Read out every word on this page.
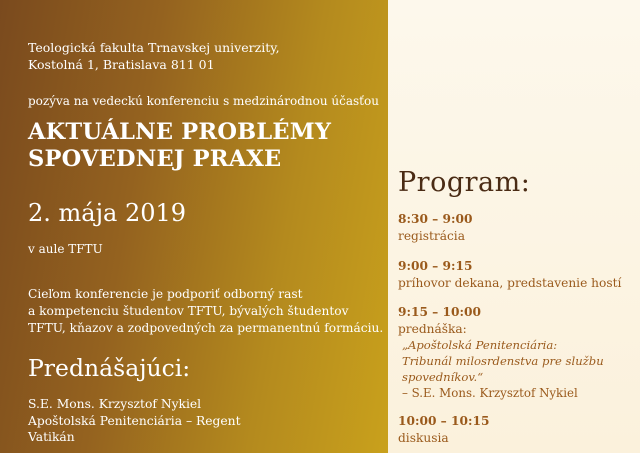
Teologická fakulta Trnavskej univerzity,
Kostolná 1, Bratislava 811 01
pozýva na vedeckú konferenciu s medzinárodnou účasťou
AKTUÁLNE PROBLÉMY
SPOVEDNEJ PRAXE
2. mája 2019
v aule TFTU
Cieľom konferencie je podporiť odborný rast
a kompetenciu študentov TFTU, bývalých študentov
TFTU, kňazov a zodpovedných za permanentnú formáciu.
Prednášajúci:
S.E. Mons. Krzysztof Nykiel
Apoštolská Penitenciária – Regent
Vatikán
Program:
8:30 – 9:00
registrácia
9:00 – 9:15
príhovor dekana, predstavenie hostí
9:15 – 10:00
prednáška:
„Apoštolská Penitenciária:
Tribunál milosrdenstva pre službu
spovedníkov.“
– S.E. Mons. Krzysztof Nykiel
10:00 – 10:15
diskusia
